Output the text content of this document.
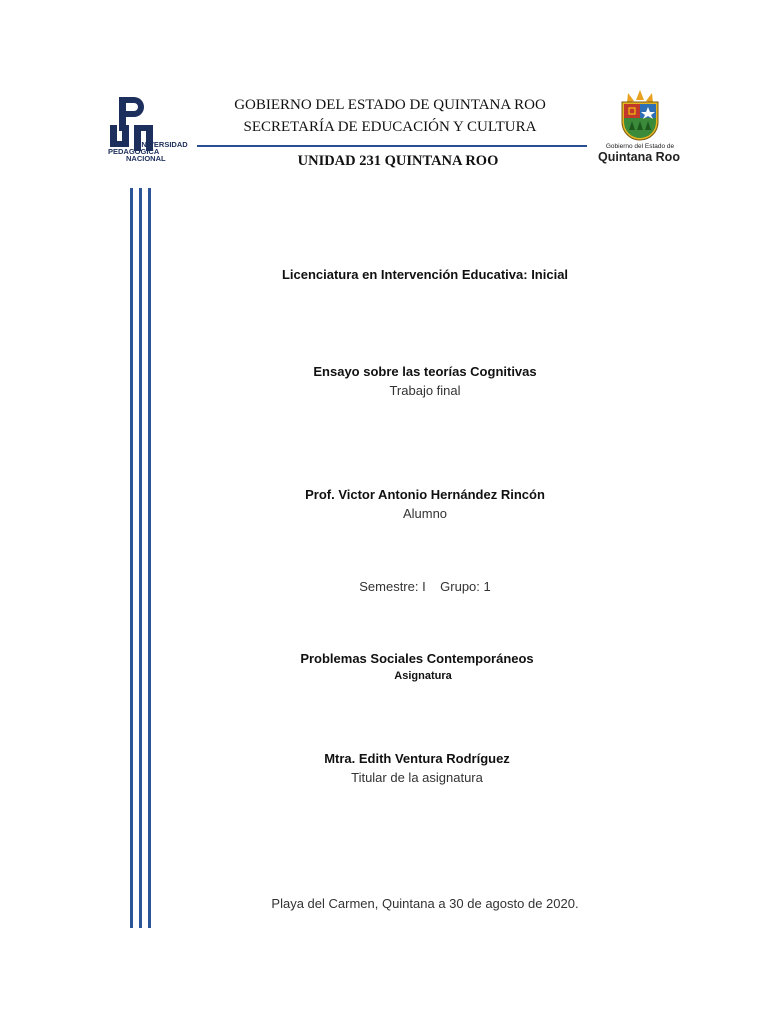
UNIVERSIDAD
PEDAGÓGICA
NACIONAL
GOBIERNO DEL ESTADO DE QUINTANA ROO
SECRETARÍA DE EDUCACIÓN Y CULTURA
UNIDAD 231 QUINTANA ROO
Gobierno del Estado de
Quintana Roo
Licenciatura en Intervención Educativa: Inicial
Ensayo sobre las teorías Cognitivas
Trabajo final
Prof. Victor Antonio Hernández Rincón
Alumno
Semestre: I Grupo: 1
Problemas Sociales Contemporáneos
Asignatura
Mtra. Edith Ventura Rodríguez
Titular de la asignatura
Playa del Carmen, Quintana a 30 de agosto de 2020.
